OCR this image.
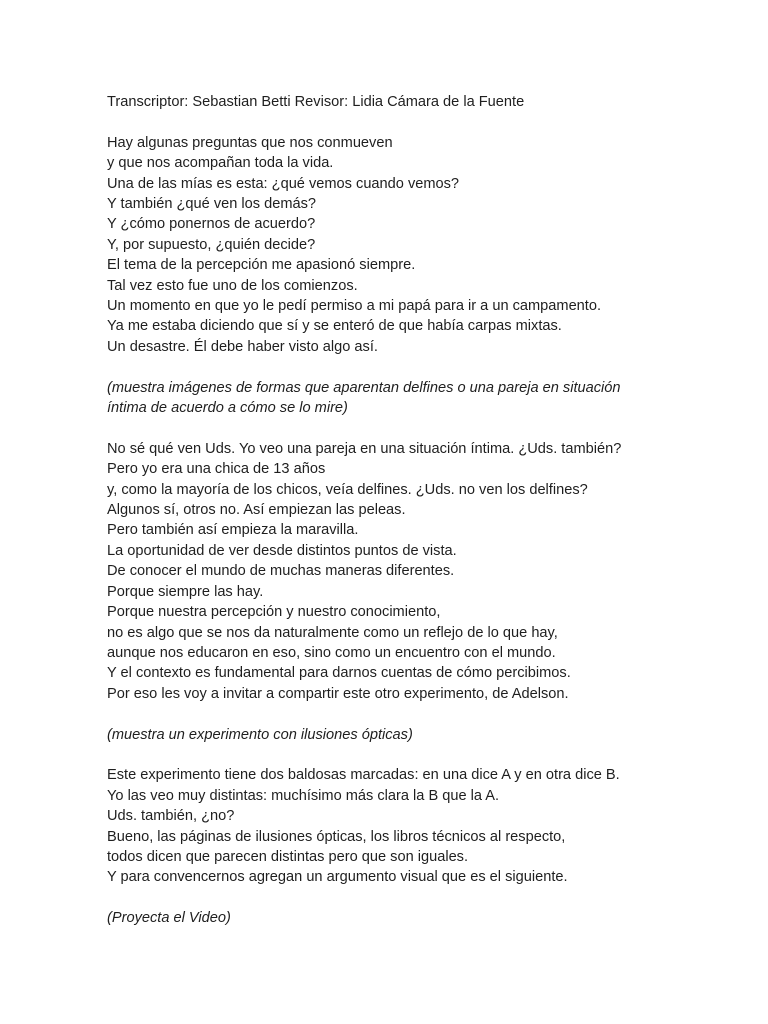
Transcriptor: Sebastian Betti Revisor: Lidia Cámara de la Fuente
Hay algunas preguntas que nos conmueven
y que nos acompañan toda la vida.
Una de las mías es esta: ¿qué vemos cuando vemos?
Y también ¿qué ven los demás?
Y ¿cómo ponernos de acuerdo?
Y, por supuesto, ¿quién decide?
El tema de la percepción me apasionó siempre.
Tal vez esto fue uno de los comienzos.
Un momento en que yo le pedí permiso a mi papá para ir a un campamento.
Ya me estaba diciendo que sí y se enteró de que había carpas mixtas.
Un desastre. Él debe haber visto algo así.
(muestra imágenes de formas que aparentan delfines o una pareja en situación
íntima de acuerdo a cómo se lo mire)
No sé qué ven Uds. Yo veo una pareja en una situación íntima. ¿Uds. también?
Pero yo era una chica de 13 años
y, como la mayoría de los chicos, veía delfines. ¿Uds. no ven los delfines?
Algunos sí, otros no. Así empiezan las peleas.
Pero también así empieza la maravilla.
La oportunidad de ver desde distintos puntos de vista.
De conocer el mundo de muchas maneras diferentes.
Porque siempre las hay.
Porque nuestra percepción y nuestro conocimiento,
no es algo que se nos da naturalmente como un reflejo de lo que hay,
aunque nos educaron en eso, sino como un encuentro con el mundo.
Y el contexto es fundamental para darnos cuentas de cómo percibimos.
Por eso les voy a invitar a compartir este otro experimento, de Adelson.
(muestra un experimento con ilusiones ópticas)
Este experimento tiene dos baldosas marcadas: en una dice A y en otra dice B.
Yo las veo muy distintas: muchísimo más clara la B que la A.
Uds. también, ¿no?
Bueno, las páginas de ilusiones ópticas, los libros técnicos al respecto,
todos dicen que parecen distintas pero que son iguales.
Y para convencernos agregan un argumento visual que es el siguiente.
(Proyecta el Video)
